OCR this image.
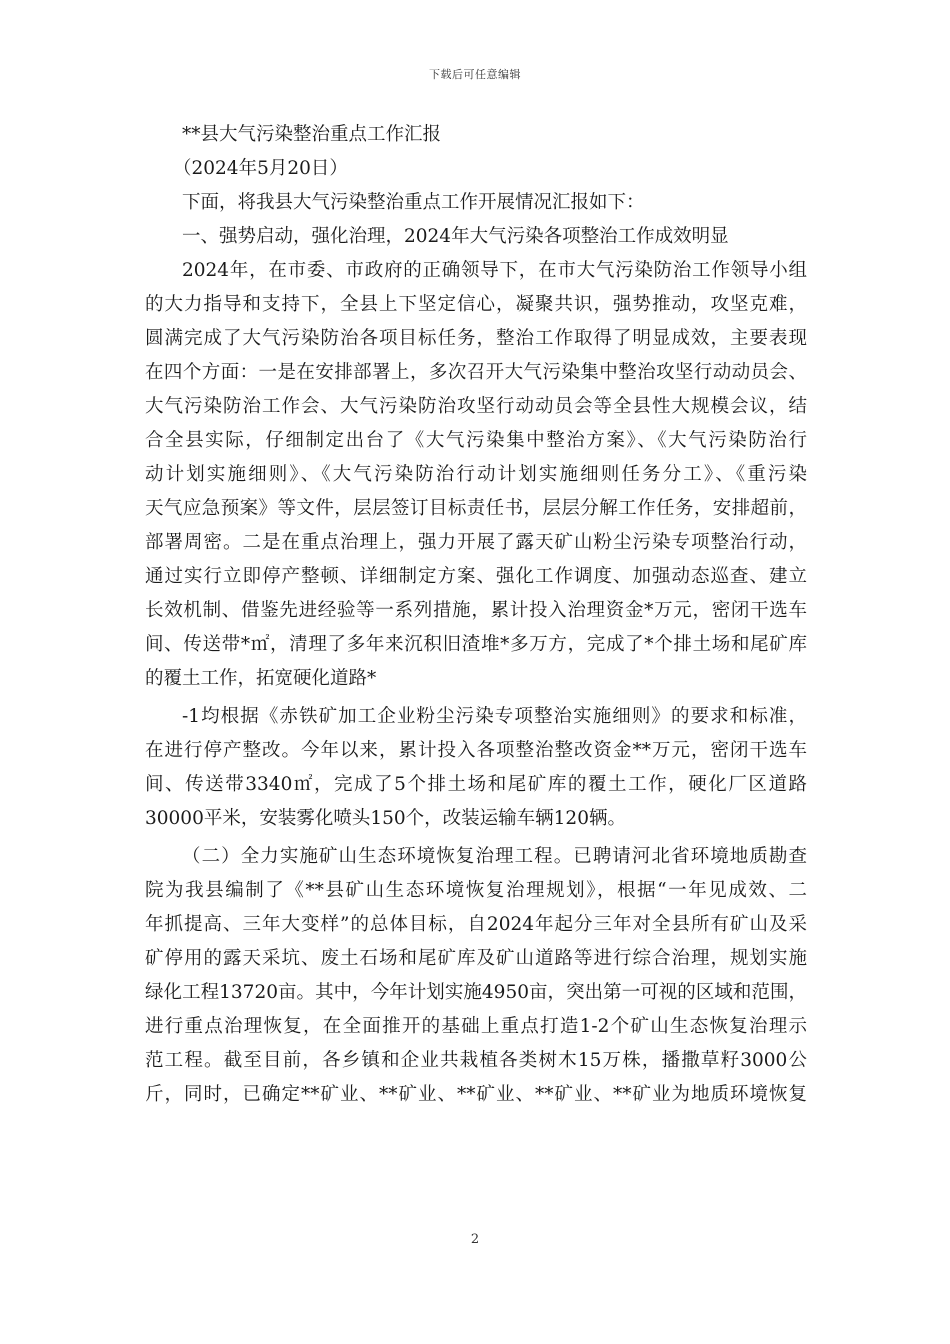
下载后可任意编辑
**县大气污染整治重点工作汇报
（2024年5月20日）
下面，将我县大气污染整治重点工作开展情况汇报如下：
一、强势启动，强化治理，2024年大气污染各项整治工作成效明显
2024年，在市委、市政府的正确领导下，在市大气污染防治工作领导小组
的大力指导和支持下，全县上下坚定信心，凝聚共识，强势推动，攻坚克难，
圆满完成了大气污染防治各项目标任务，整治工作取得了明显成效，主要表现
在四个方面：一是在安排部署上，多次召开大气污染集中整治攻坚行动动员会、
大气污染防治工作会、大气污染防治攻坚行动动员会等全县性大规模会议，结
合全县实际，仔细制定出台了《大气污染集中整治方案》、《大气污染防治行
动计划实施细则》、《大气污染防治行动计划实施细则任务分工》、《重污染
天气应急预案》等文件，层层签订目标责任书，层层分解工作任务，安排超前，
部署周密。二是在重点治理上，强力开展了露天矿山粉尘污染专项整治行动，
通过实行立即停产整顿、详细制定方案、强化工作调度、加强动态巡查、建立
长效机制、借鉴先进经验等一系列措施，累计投入治理资金*万元，密闭干选车
间、传送带*㎡，清理了多年来沉积旧渣堆*多万方，完成了*个排土场和尾矿库
的覆土工作，拓宽硬化道路*
-1均根据《赤铁矿加工企业粉尘污染专项整治实施细则》的要求和标准，
在进行停产整改。今年以来，累计投入各项整治整改资金**万元，密闭干选车
间、传送带3340㎡，完成了5个排土场和尾矿库的覆土工作，硬化厂区道路
30000平米，安装雾化喷头150个，改装运输车辆120辆。
（二）全力实施矿山生态环境恢复治理工程。已聘请河北省环境地质勘查
院为我县编制了《**县矿山生态环境恢复治理规划》，根据“一年见成效、二
年抓提高、三年大变样”的总体目标，自2024年起分三年对全县所有矿山及采
矿停用的露天采坑、废土石场和尾矿库及矿山道路等进行综合治理，规划实施
绿化工程13720亩。其中，今年计划实施4950亩，突出第一可视的区域和范围，
进行重点治理恢复，在全面推开的基础上重点打造1-2个矿山生态恢复治理示
范工程。截至目前，各乡镇和企业共栽植各类树木15万株，播撒草籽3000公
斤，同时，已确定**矿业、**矿业、**矿业、**矿业、**矿业为地质环境恢复
2
